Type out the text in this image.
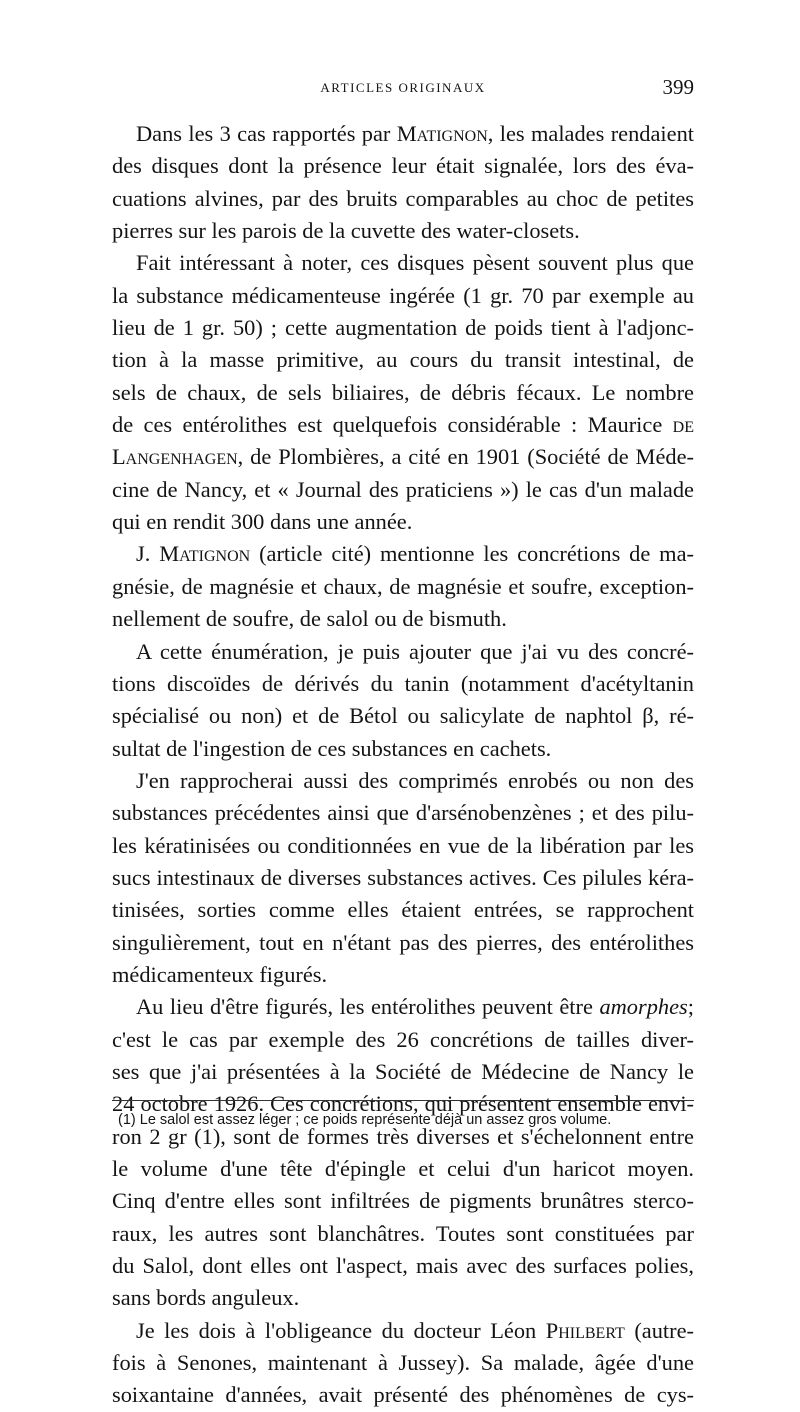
ARTICLES ORIGINAUX	399
Dans les 3 cas rapportés par Matignon, les malades rendaient
des disques dont la présence leur était signalée, lors des éva-
cuations alvines, par des bruits comparables au choc de petites
pierres sur les parois de la cuvette des water-closets.
Fait intéressant à noter, ces disques pèsent souvent plus que
la substance médicamenteuse ingérée (1 gr. 70 par exemple au
lieu de 1 gr. 50) ; cette augmentation de poids tient à l'adjonc-
tion à la masse primitive, au cours du transit intestinal, de
sels de chaux, de sels biliaires, de débris fécaux. Le nombre
de ces entérolithes est quelquefois considérable : Maurice de
Langenhagen, de Plombières, a cité en 1901 (Société de Méde-
cine de Nancy, et « Journal des praticiens ») le cas d'un malade
qui en rendit 300 dans une année.
J. Matignon (article cité) mentionne les concrétions de ma-
gnésie, de magnésie et chaux, de magnésie et soufre, exception-
nellement de soufre, de salol ou de bismuth.
A cette énumération, je puis ajouter que j'ai vu des concré-
tions discoïdes de dérivés du tanin (notamment d'acétyltanin
spécialisé ou non) et de Bétol ou salicylate de naphtol β, ré-
sultat de l'ingestion de ces substances en cachets.
J'en rapprocherai aussi des comprimés enrobés ou non des
substances précédentes ainsi que d'arsénobenzènes ; et des pilu-
les kératinisées ou conditionnées en vue de la libération par les
sucs intestinaux de diverses substances actives. Ces pilules kéra-
tinisées, sorties comme elles étaient entrées, se rapprochent
singulièrement, tout en n'étant pas des pierres, des entérolithes
médicamenteux figurés.
Au lieu d'être figurés, les entérolithes peuvent être amorphes;
c'est le cas par exemple des 26 concrétions de tailles diver-
ses que j'ai présentées à la Société de Médecine de Nancy le
24 octobre 1926. Ces concrétions, qui présentent ensemble envi-
ron 2 gr (1), sont de formes très diverses et s'échelonnent entre
le volume d'une tête d'épingle et celui d'un haricot moyen.
Cinq d'entre elles sont infiltrées de pigments brunâtres sterco-
raux, les autres sont blanchâtres. Toutes sont constituées par
du Salol, dont elles ont l'aspect, mais avec des surfaces polies,
sans bords anguleux.
Je les dois à l'obligeance du docteur Léon Philbert (autre-
fois à Senones, maintenant à Jussey). Sa malade, âgée d'une
soixantaine d'années, avait présenté des phénomènes de cys-
(1) Le salol est assez léger ; ce poids représente déjà un assez gros volume.
